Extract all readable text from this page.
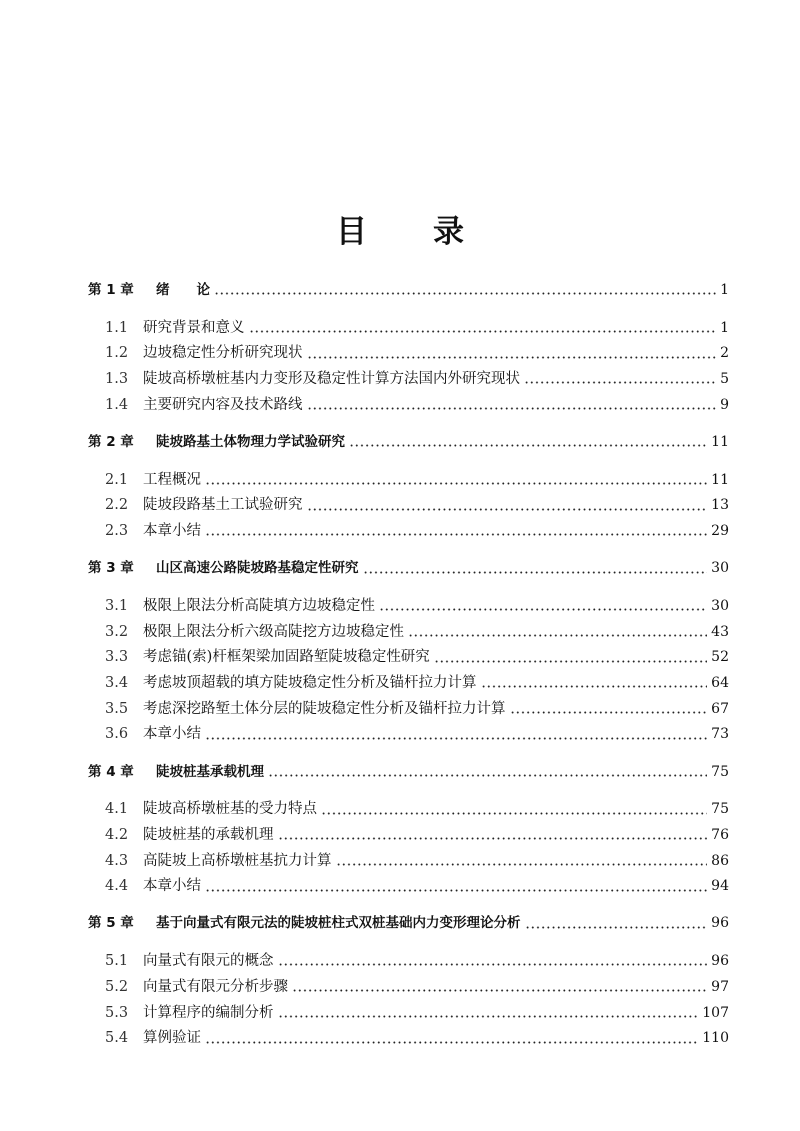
目 录
第 1 章	绪　　论	1
1.1	研究背景和意义	1
1.2	边坡稳定性分析研究现状	2
1.3	陡坡高桥墩桩基内力变形及稳定性计算方法国内外研究现状	5
1.4	主要研究内容及技术路线	9
第 2 章	陡坡路基土体物理力学试验研究	11
2.1	工程概况	11
2.2	陡坡段路基土工试验研究	13
2.3	本章小结	29
第 3 章	山区高速公路陡坡路基稳定性研究	30
3.1	极限上限法分析高陡填方边坡稳定性	30
3.2	极限上限法分析六级高陡挖方边坡稳定性	43
3.3	考虑锚(索)杆框架梁加固路堑陡坡稳定性研究	52
3.4	考虑坡顶超载的填方陡坡稳定性分析及锚杆拉力计算	64
3.5	考虑深挖路堑土体分层的陡坡稳定性分析及锚杆拉力计算	67
3.6	本章小结	73
第 4 章	陡坡桩基承载机理	75
4.1	陡坡高桥墩桩基的受力特点	75
4.2	陡坡桩基的承载机理	76
4.3	高陡坡上高桥墩桩基抗力计算	86
4.4	本章小结	94
第 5 章	基于向量式有限元法的陡坡桩柱式双桩基础内力变形理论分析	96
5.1	向量式有限元的概念	96
5.2	向量式有限元分析步骤	97
5.3	计算程序的编制分析	107
5.4	算例验证	110
